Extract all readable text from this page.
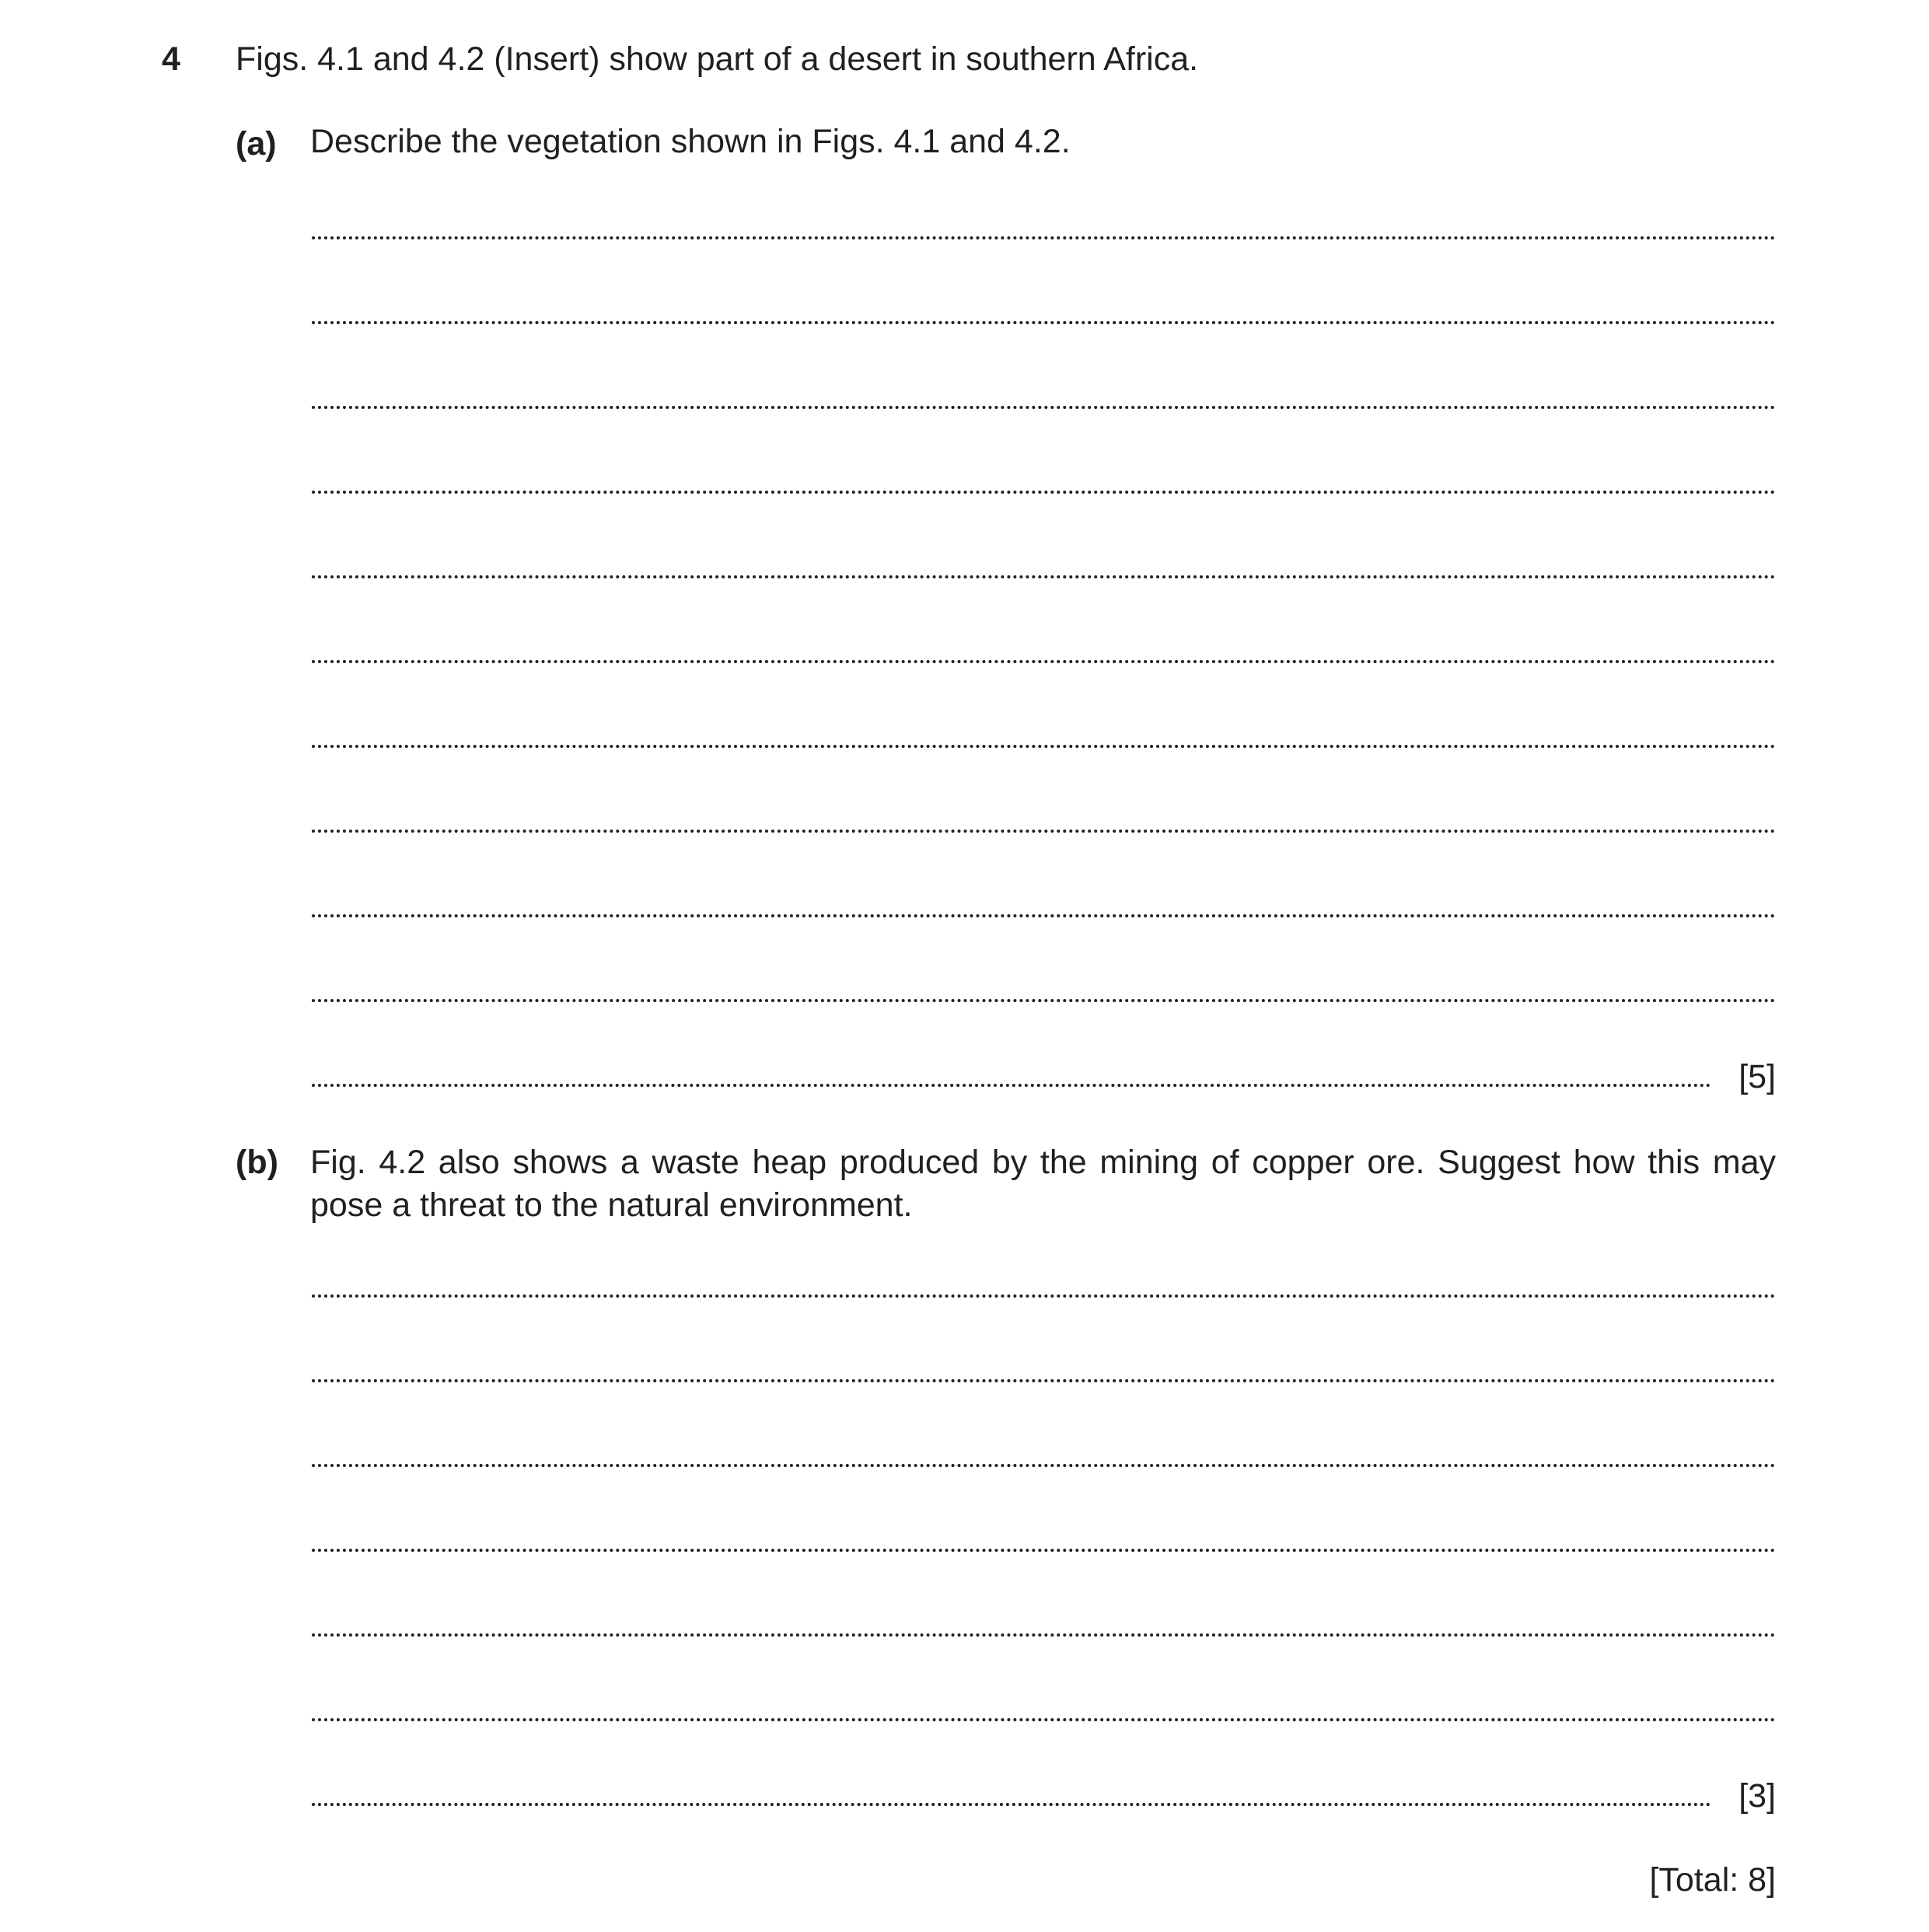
4 Figs. 4.1 and 4.2 (Insert) show part of a desert in southern Africa.
(a) Describe the vegetation shown in Figs. 4.1 and 4.2.
[5]
(b) Fig. 4.2 also shows a waste heap produced by the mining of copper ore. Suggest how this may pose a threat to the natural environment.
[3]
[Total: 8]
